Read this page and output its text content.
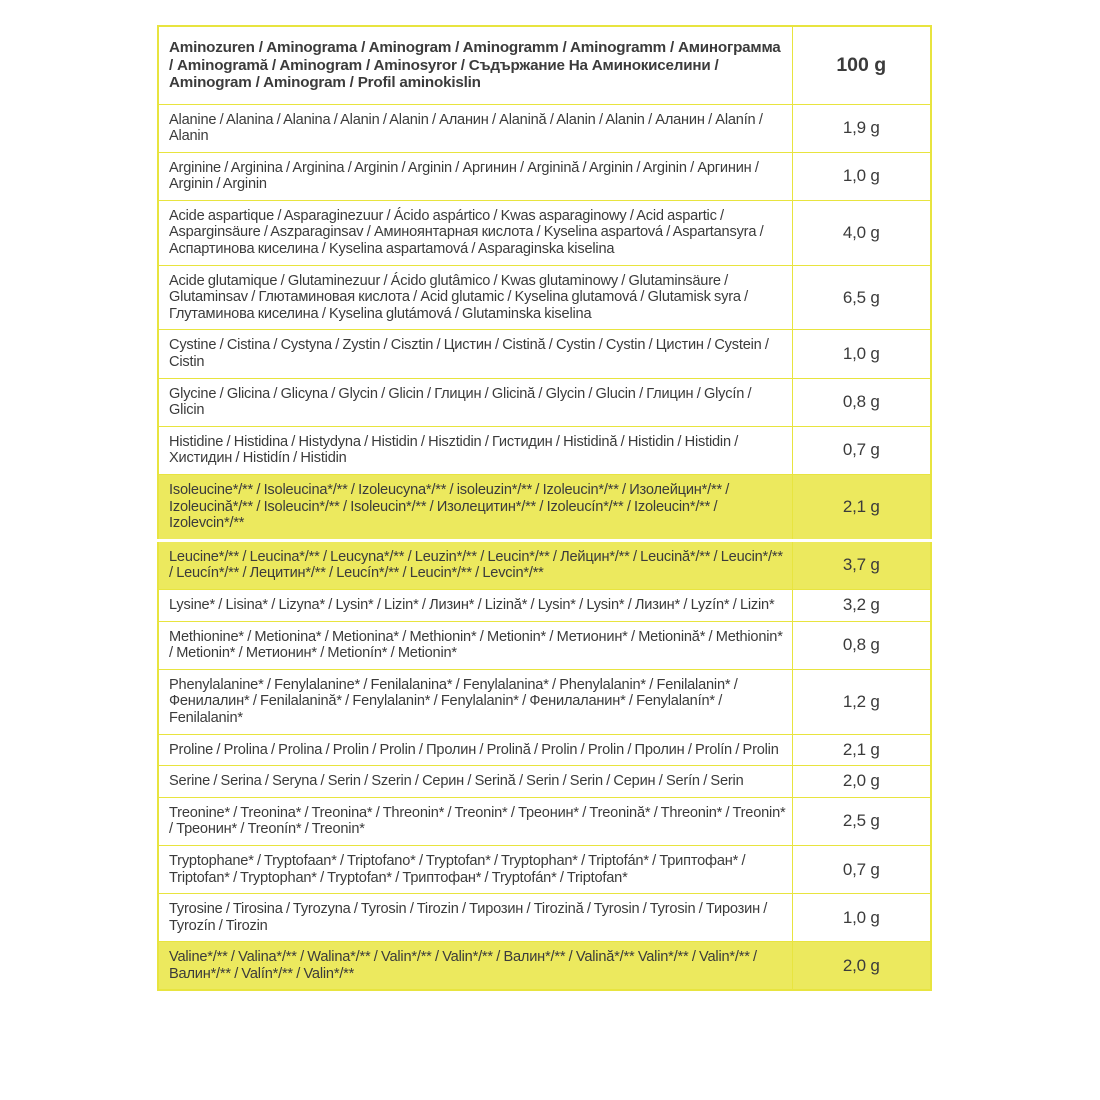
Aminozuren / Aminograma / Aminogram / Aminogramm / Aminogramm / Аминограмма / Aminogramă / Aminogram / Aminosyror / Съдържание На Аминокиселини / Aminogram / Aminogram / Profil aminokislin	100 g
Alanine / Alanina / Alanina / Alanin / Alanin / Аланин / Alanină / Alanin / Alanin / Аланин / Alanín / Alanin	1,9 g
Arginine / Arginina / Arginina / Arginin / Arginin / Аргинин / Arginină / Arginin / Arginin / Аргинин / Arginin / Arginin	1,0 g
Acide aspartique / Asparaginezuur / Ácido aspártico / Kwas asparaginowy / Acid aspartic / Asparginsäure / Aszparaginsav / Аминоянтарная кислота / Kyselina aspartová / Aspartansyra / Аспартинова киселина / Kyselina aspartamová / Asparaginska kiselina	4,0 g
Acide glutamique / Glutaminezuur / Ácido glutâmico / Kwas glutaminowy / Glutaminsäure / Glutaminsav / Глютаминовая кислота / Acid glutamic / Kyselina glutamová / Glutamisk syra / Глутаминова киселина / Kyselina glutámová / Glutaminska kiselina	6,5 g
Cystine / Cistina / Cystyna / Zystin / Cisztin / Цистин / Cistină / Cystin / Cystin / Цистин / Cystein / Cistin	1,0 g
Glycine / Glicina / Glicyna / Glycin / Glicin / Глицин / Glicină / Glycin / Glucin / Глицин / Glycín / Glicin	0,8 g
Histidine / Histidina / Histydyna / Histidin / Hisztidin / Гистидин / Histidină / Histidin / Histidin / Хистидин / Histidín / Histidin	0,7 g
Isoleucine*/** / Isoleucina*/** / Izoleucyna*/** / isoleuzin*/** / Izoleucin*/** / Изолейцин*/** / Izoleucină*/** / Isoleucin*/** / Isoleucin*/** / Изолецитин*/** / Izoleucín*/** / Izoleucin*/** / Izolevcin*/**	2,1 g
Leucine*/** / Leucina*/** / Leucyna*/** / Leuzin*/** / Leucin*/** / Лейцин*/** / Leucină*/** / Leucin*/** / Leucín*/** / Лецитин*/** / Leucín*/** / Leucin*/** / Levcin*/**	3,7 g
Lysine* / Lisina* / Lizyna* / Lysin* / Lizin* / Лизин* / Lizină* / Lysin* / Lysin* / Лизин* / Lyzín* / Lizin*	3,2 g
Methionine* / Metionina* / Metionina* / Methionin* / Metionin* / Метионин* / Metionină* / Methionin* / Metionin* / Метионин* / Metionín* / Metionin*	0,8 g
Phenylalanine* / Fenylalanine* / Fenilalanina* / Fenylalanina* / Phenylalanin* / Fenilalanin* / Фенилалин* / Fenilalanină* / Fenylalanin* / Fenylalanin* / Фенилаланин* / Fenylalanín* / Fenilalanin*	1,2 g
Proline / Prolina / Prolina / Prolin / Prolin / Пролин / Prolină / Prolin / Prolin / Пролин / Prolín / Prolin	2,1 g
Serine / Serina / Seryna / Serin / Szerin / Серин / Serină / Serin / Serin / Серин / Serín / Serin	2,0 g
Treonine* / Treonina* / Treonina* / Threonin* / Treonin* / Треонин* / Treonină* / Threonin* / Treonin* / Треонин* / Treonín* / Treonin*	2,5 g
Tryptophane* / Tryptofaan* / Triptofano* / Tryptofan* / Tryptophan* / Triptofán* / Триптофан* / Triptofan* / Tryptophan* / Tryptofan* / Триптофан* / Tryptofán* / Triptofan*	0,7 g
Tyrosine / Tirosina / Tyrozyna / Tyrosin / Tirozin / Тирозин / Tirozină / Tyrosin / Tyrosin / Тирозин / Tyrozín / Tirozin	1,0 g
Valine*/** / Valina*/** / Walina*/** / Valin*/** / Valin*/** / Валин*/** / Valină*/** Valin*/** / Valin*/** / Валин*/** / Valín*/** / Valin*/**	2,0 g
